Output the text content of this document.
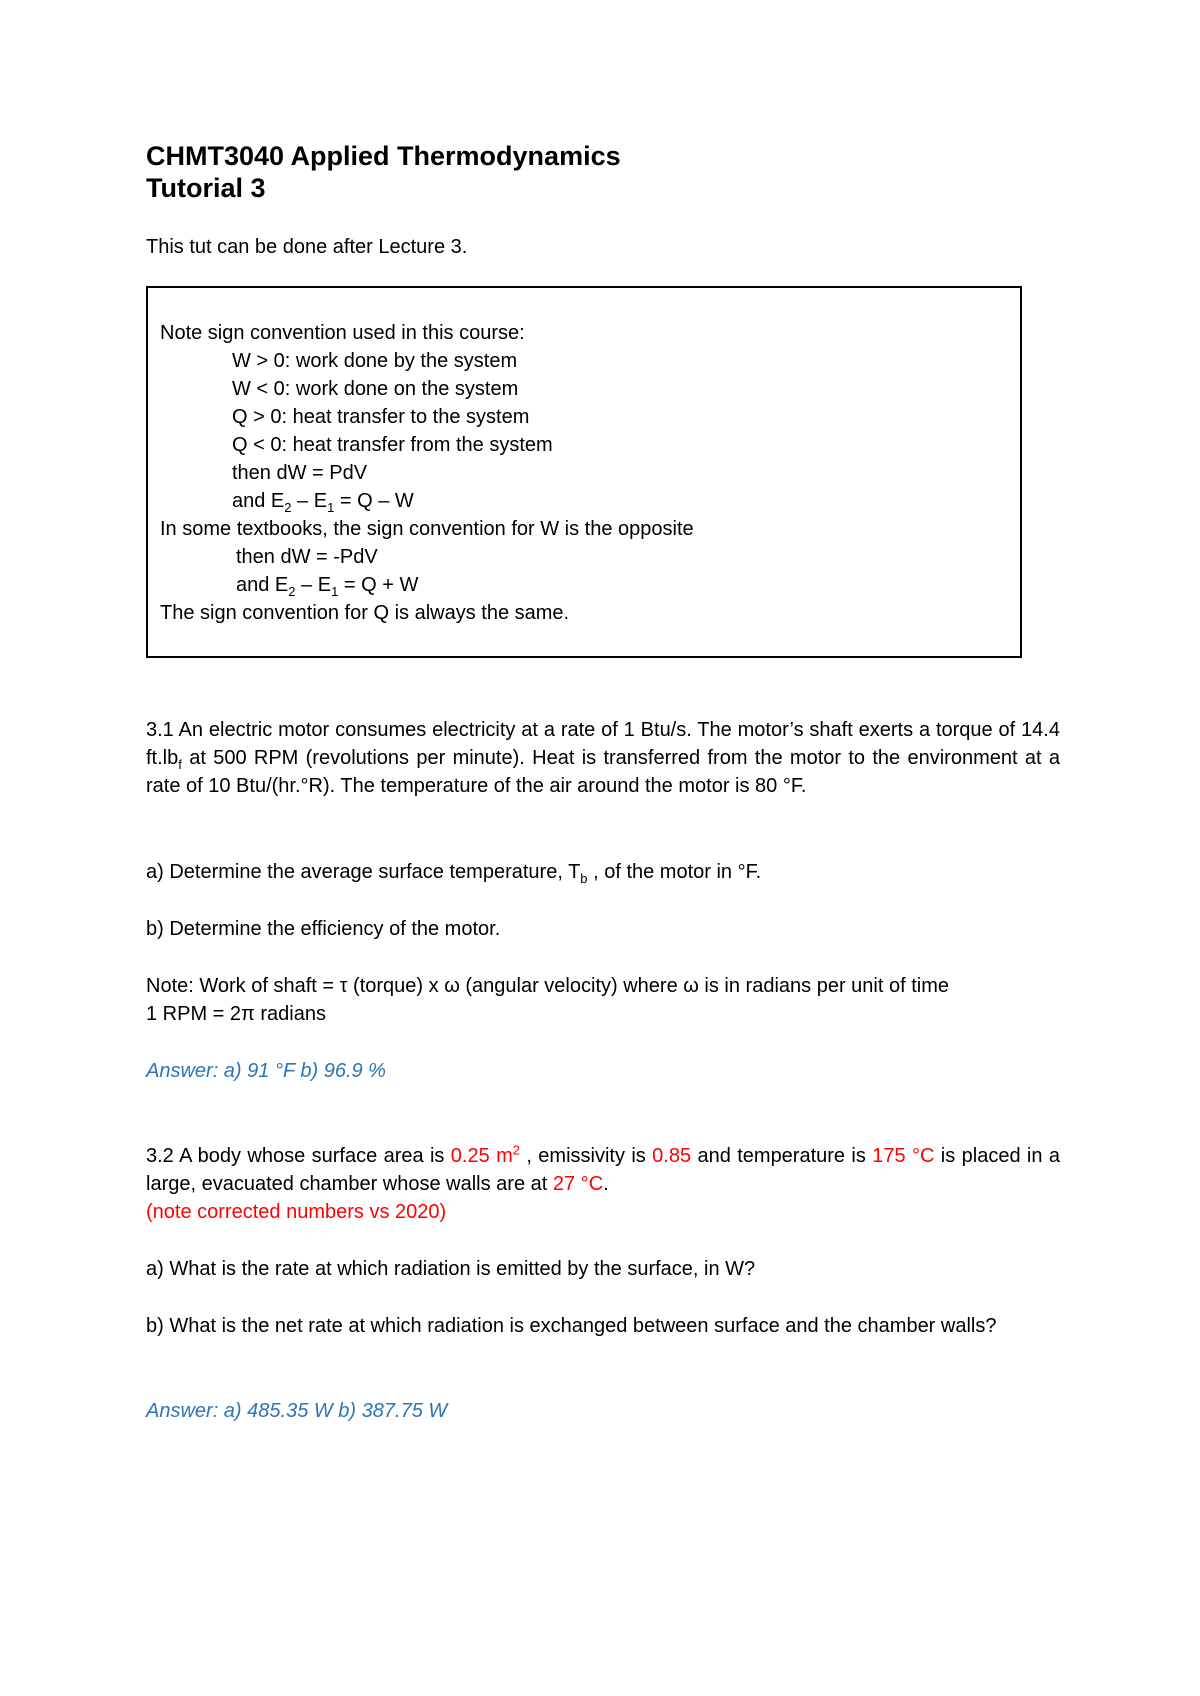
CHMT3040 Applied Thermodynamics
Tutorial 3
This tut can be done after Lecture 3.
Note sign convention used in this course:
W > 0: work done by the system
W < 0: work done on the system
Q > 0: heat transfer to the system
Q < 0: heat transfer from the system
then dW = PdV
and $E_2 - E_1 = Q - W$
In some textbooks, the sign convention for W is the opposite
then dW = -PdV
and $E_2 - E_1 = Q + W$
The sign convention for Q is always the same.
3.1 An electric motor consumes electricity at a rate of 1 Btu/s. The motor’s shaft exerts a torque of 14.4 $ft.lb_f$ at 500 RPM (revolutions per minute). Heat is transferred from the motor to the environment at a rate of 10 Btu/(hr.°R). The temperature of the air around the motor is 80 °F.
a) Determine the average surface temperature, $T_b$ , of the motor in °F.
b) Determine the efficiency of the motor.
Note: Work of shaft = τ (torque) x ω (angular velocity) where ω is in radians per unit of time
1 RPM = 2π radians
Answer: a) 91 °F b) 96.9 %
3.2 A body whose surface area is 0.25 $m^2$ , emissivity is 0.85 and temperature is 175 °C is placed in a large, evacuated chamber whose walls are at 27 °C.
(note corrected numbers vs 2020)
a) What is the rate at which radiation is emitted by the surface, in W?
b) What is the net rate at which radiation is exchanged between surface and the chamber walls?
Answer: a) 485.35 W b) 387.75 W
